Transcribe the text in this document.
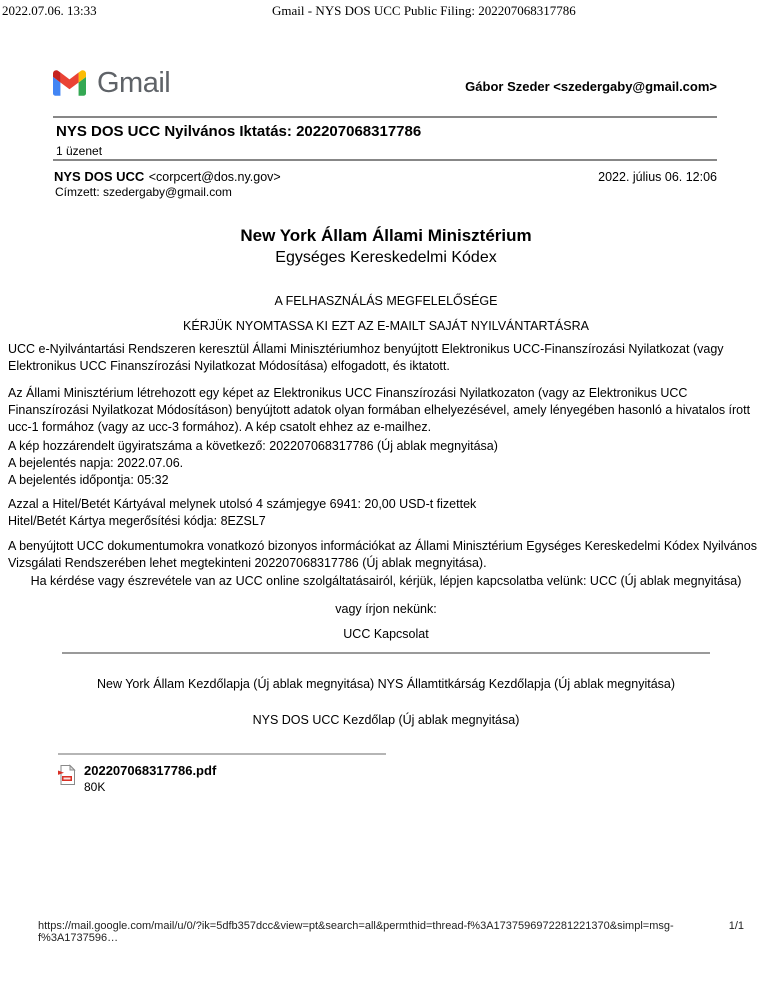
2022.07.06. 13:33	Gmail - NYS DOS UCC Public Filing: 202207068317786
Gmail	Gábor Szeder <szedergaby@gmail.com>
NYS DOS UCC Nyilvános Iktatás: 202207068317786
1 üzenet
NYS DOS UCC <corpcert@dos.ny.gov>	2022. július 06. 12:06
Címzett: szedergaby@gmail.com
New York Állam Állami Minisztérium
Egységes Kereskedelmi Kódex
A FELHASZNÁLÁS MEGFELELŐSÉGE
KÉRJÜK NYOMTASSA KI EZT AZ E-MAILT SAJÁT NYILVÁNTARTÁSRA

UCC e-Nyilvántartási Rendszeren keresztül Állami Minisztériumhoz benyújtott Elektronikus UCC-Finanszírozási Nyilatkozat (vagy Elektronikus UCC Finanszírozási Nyilatkozat Módosítása) elfogadott, és iktatott.

Az Állami Minisztérium létrehozott egy képet az Elektronikus UCC Finanszírozási Nyilatkozaton (vagy az Elektronikus UCC Finanszírozási Nyilatkozat Módosításon) benyújtott adatok olyan formában elhelyezésével, amely lényegében hasonló a hivatalos írott ucc-1 formához (vagy az ucc-3 formához). A kép csatolt ehhez az e-mailhez.

A kép hozzárendelt ügyiratszáma a következő: 202207068317786 (Új ablak megnyitása)
A bejelentés napja: 2022.07.06.
A bejelentés időpontja: 05:32
Azzal a Hitel/Betét Kártyával melynek utolsó 4 számjegye 6941: 20,00 USD-t fizettek
Hitel/Betét Kártya megerősítési kódja: 8EZSL7

A benyújtott UCC dokumentumokra vonatkozó bizonyos információkat az Állami Minisztérium Egységes Kereskedelmi Kódex Nyilvános Vizsgálati Rendszerében lehet megtekinteni 202207068317786 (Új ablak megnyitása).

Ha kérdése vagy észrevétele van az UCC online szolgáltatásairól, kérjük, lépjen kapcsolatba velünk: UCC (Új ablak megnyitása)
vagy írjon nekünk:
UCC Kapcsolat
New York Állam Kezdőlapja (Új ablak megnyitása) NYS Államtitkárság Kezdőlapja (Új ablak megnyitása)
NYS DOS UCC Kezdőlap (Új ablak megnyitása)
202207068317786.pdf
80K
https://mail.google.com/mail/u/0/?ik=5dfb357dcc&view=pt&search=all&permthid=thread-f%3A1737596972281221370&simpl=msg-f%3A1737596…
1/1
